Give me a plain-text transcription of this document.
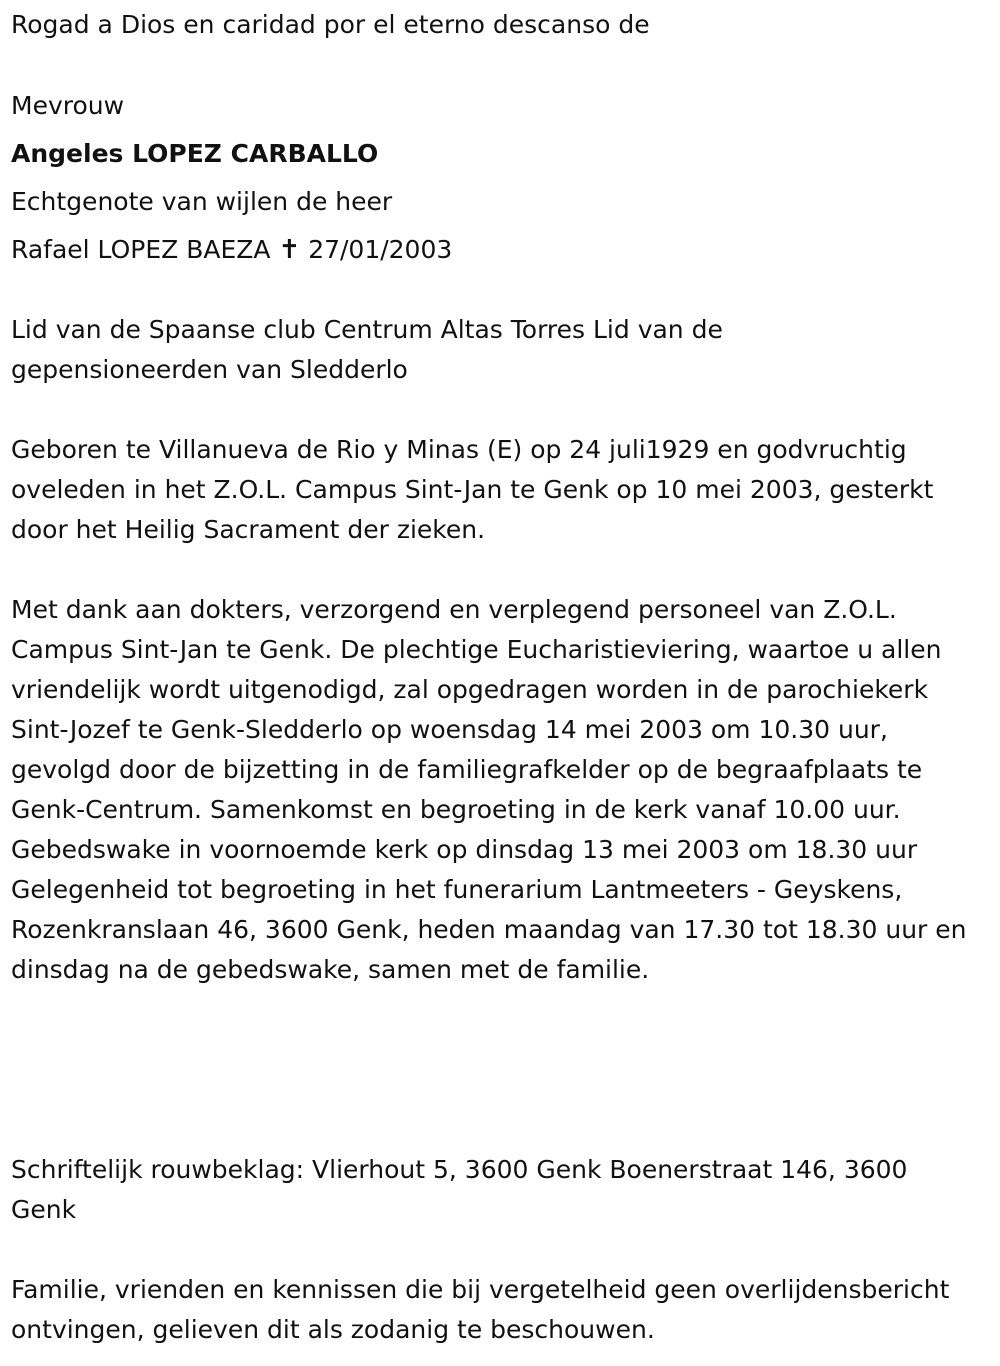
Rogad a Dios en caridad por el eterno descanso de

Mevrouw

Angeles LOPEZ CARBALLO

Echtgenote van wijlen de heer

Rafael LOPEZ BAEZA ✝ 27/01/2003

Lid van de Spaanse club Centrum Altas Torres Lid van de gepensioneerden van Sledderlo

Geboren te Villanueva de Rio y Minas (E) op 24 juli1929 en godvruchtig oveleden in het Z.O.L. Campus Sint-Jan te Genk op 10 mei 2003, gesterkt door het Heilig Sacrament der zieken.

Met dank aan dokters, verzorgend en verplegend personeel van Z.O.L. Campus Sint-Jan te Genk. De plechtige Eucharistieviering, waartoe u allen vriendelijk wordt uitgenodigd, zal opgedragen worden in de parochiekerk Sint-Jozef te Genk-Sledderlo op woensdag 14 mei 2003 om 10.30 uur, gevolgd door de bijzetting in de familiegrafkelder op de begraafplaats te Genk-Centrum. Samenkomst en begroeting in de kerk vanaf 10.00 uur. Gebedswake in voornoemde kerk op dinsdag 13 mei 2003 om 18.30 uur Gelegenheid tot begroeting in het funerarium Lantmeeters - Geyskens, Rozenkranslaan 46, 3600 Genk, heden maandag van 17.30 tot 18.30 uur en dinsdag na de gebedswake, samen met de familie.

Schriftelijk rouwbeklag: Vlierhout 5, 3600 Genk Boenerstraat 146, 3600 Genk

Familie, vrienden en kennissen die bij vergetelheid geen overlijdensbericht ontvingen, gelieven dit als zodanig te beschouwen.
